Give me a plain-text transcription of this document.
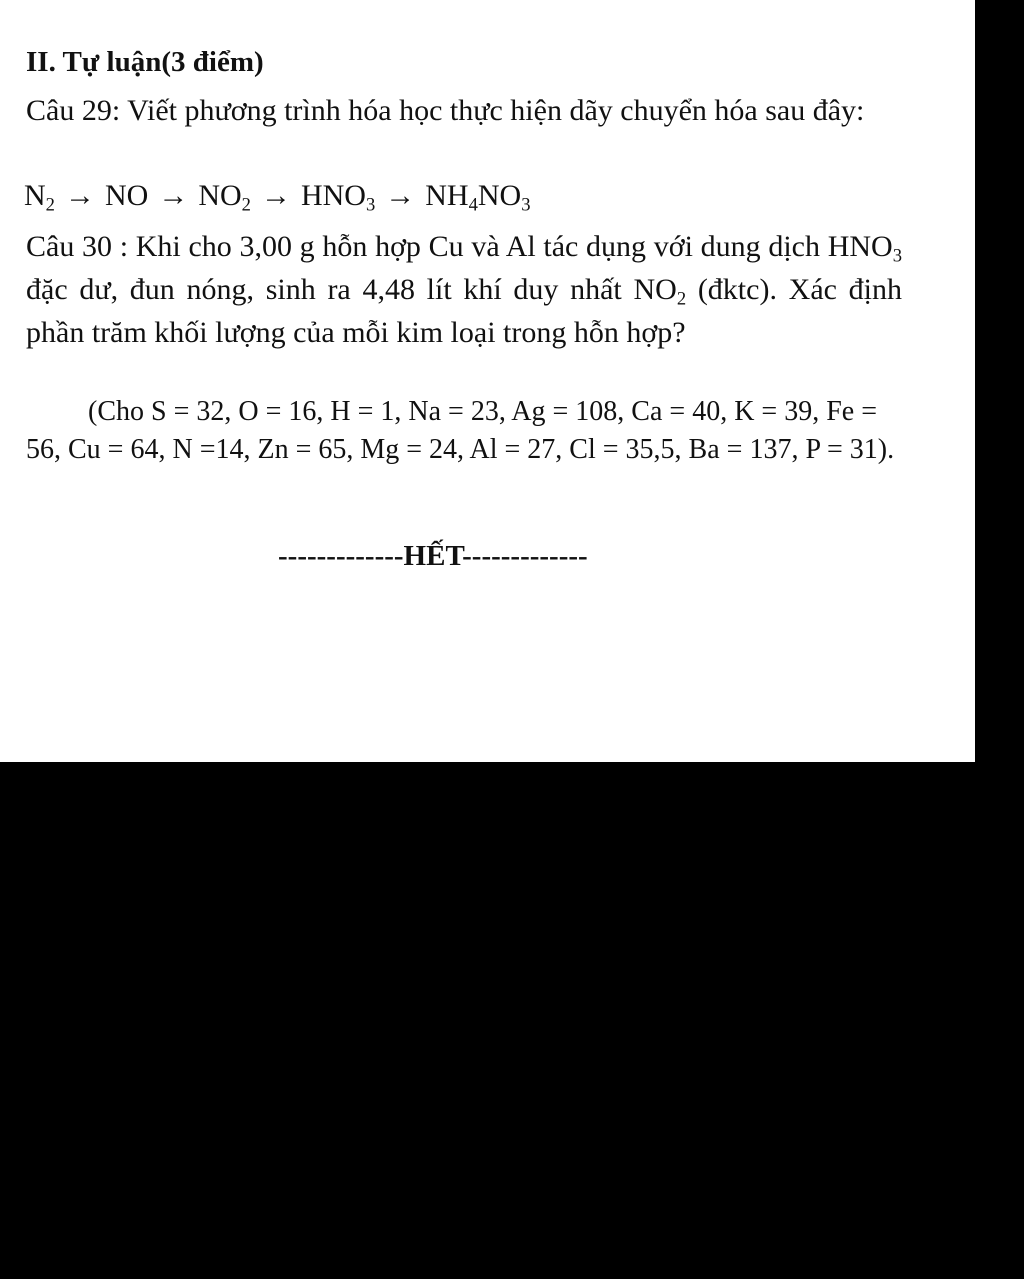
II. Tự luận(3 điểm)

Câu 29: Viết phương trình hóa học thực hiện dãy chuyển hóa sau đây:

$N_2$ → NO → $NO_2 \to HNO_3 \to NH_4NO_3$

Câu 30 : Khi cho 3,00 g hỗn hợp Cu và Al tác dụng với dung dịch $HNO_3$ đặc dư, đun nóng, sinh ra 4,48 lít khí duy nhất $NO_2$ (đktc). Xác định phần trăm khối lượng của mỗi kim loại trong hỗn hợp?

(Cho S = 32, O = 16, H = 1, Na = 23, Ag = 108, Ca = 40, K = 39, Fe = 56, Cu = 64, N =14, Zn = 65, Mg = 24, Al = 27, Cl = 35,5, Ba = 137, P = 31).

-------------HẾT-------------
